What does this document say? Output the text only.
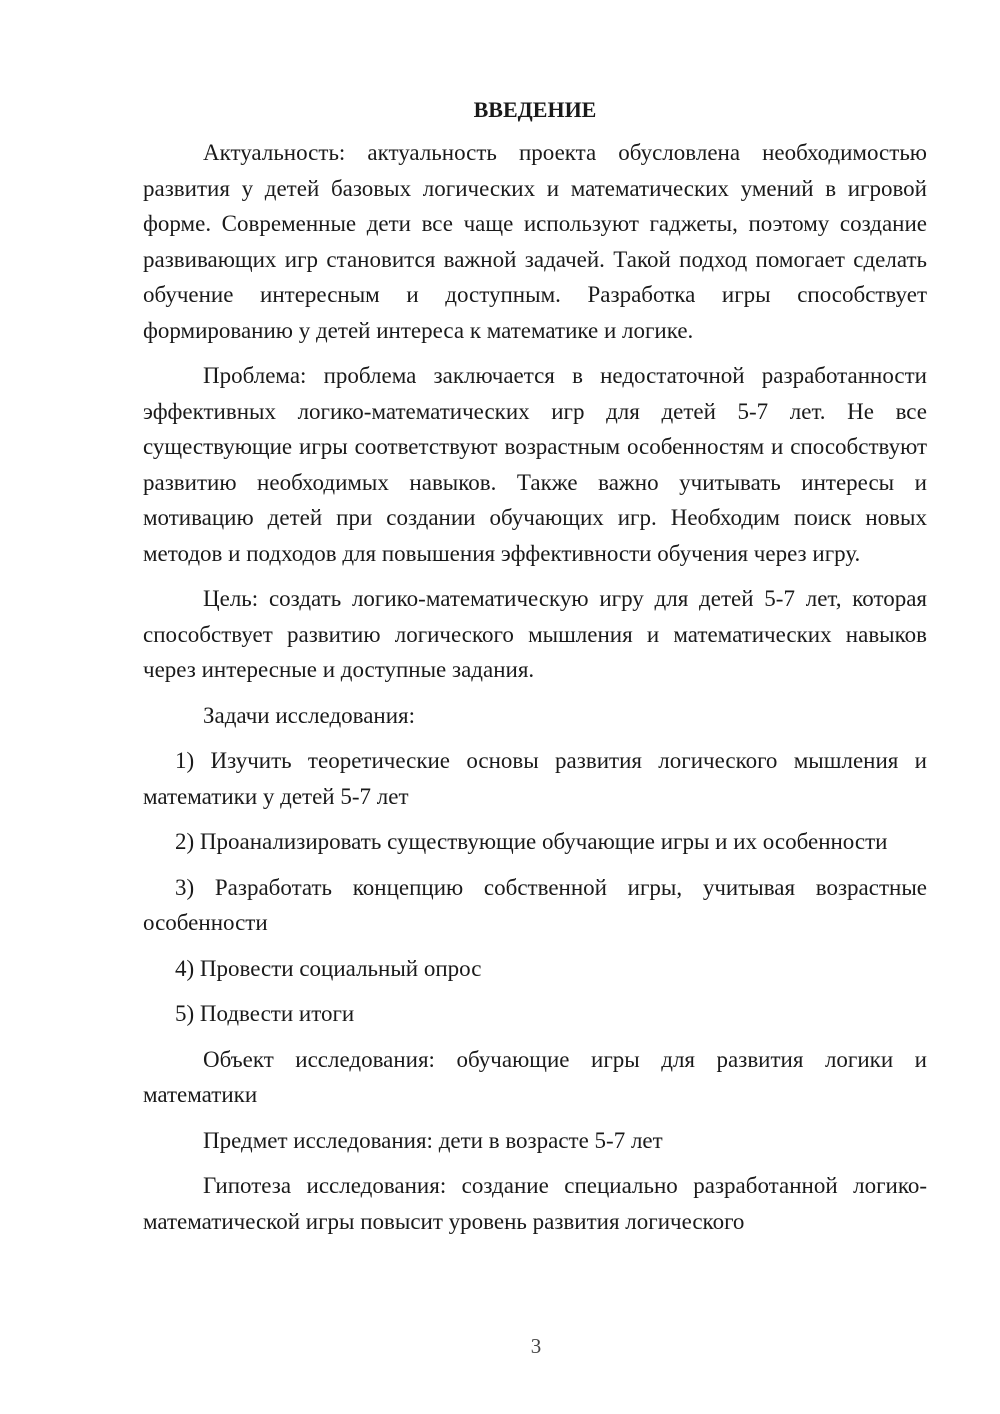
ВВЕДЕНИЕ

Актуальность: актуальность проекта обусловлена необходимостью развития у детей базовых логических и математических умений в игровой форме. Современные дети все чаще используют гаджеты, поэтому создание развивающих игр становится важной задачей. Такой подход помогает сделать обучение интересным и доступным. Разработка игры способствует формированию у детей интереса к математике и логике.

Проблема: проблема заключается в недостаточной разработанности эффективных логико-математических игр для детей 5-7 лет. Не все существующие игры соответствуют возрастным особенностям и способствуют развитию необходимых навыков. Также важно учитывать интересы и мотивацию детей при создании обучающих игр. Необходим поиск новых методов и подходов для повышения эффективности обучения через игру.

Цель: создать логико-математическую игру для детей 5-7 лет, которая способствует развитию логического мышления и математических навыков через интересные и доступные задания.

Задачи исследования:

1) Изучить теоретические основы развития логического мышления и математики у детей 5-7 лет

2) Проанализировать существующие обучающие игры и их особенности

3) Разработать концепцию собственной игры, учитывая возрастные особенности

4) Провести социальный опрос

5) Подвести итоги

Объект исследования: обучающие игры для развития логики и математики

Предмет исследования: дети в возрасте 5-7 лет

Гипотеза исследования: создание специально разработанной логико-математической игры повысит уровень развития логического

3
